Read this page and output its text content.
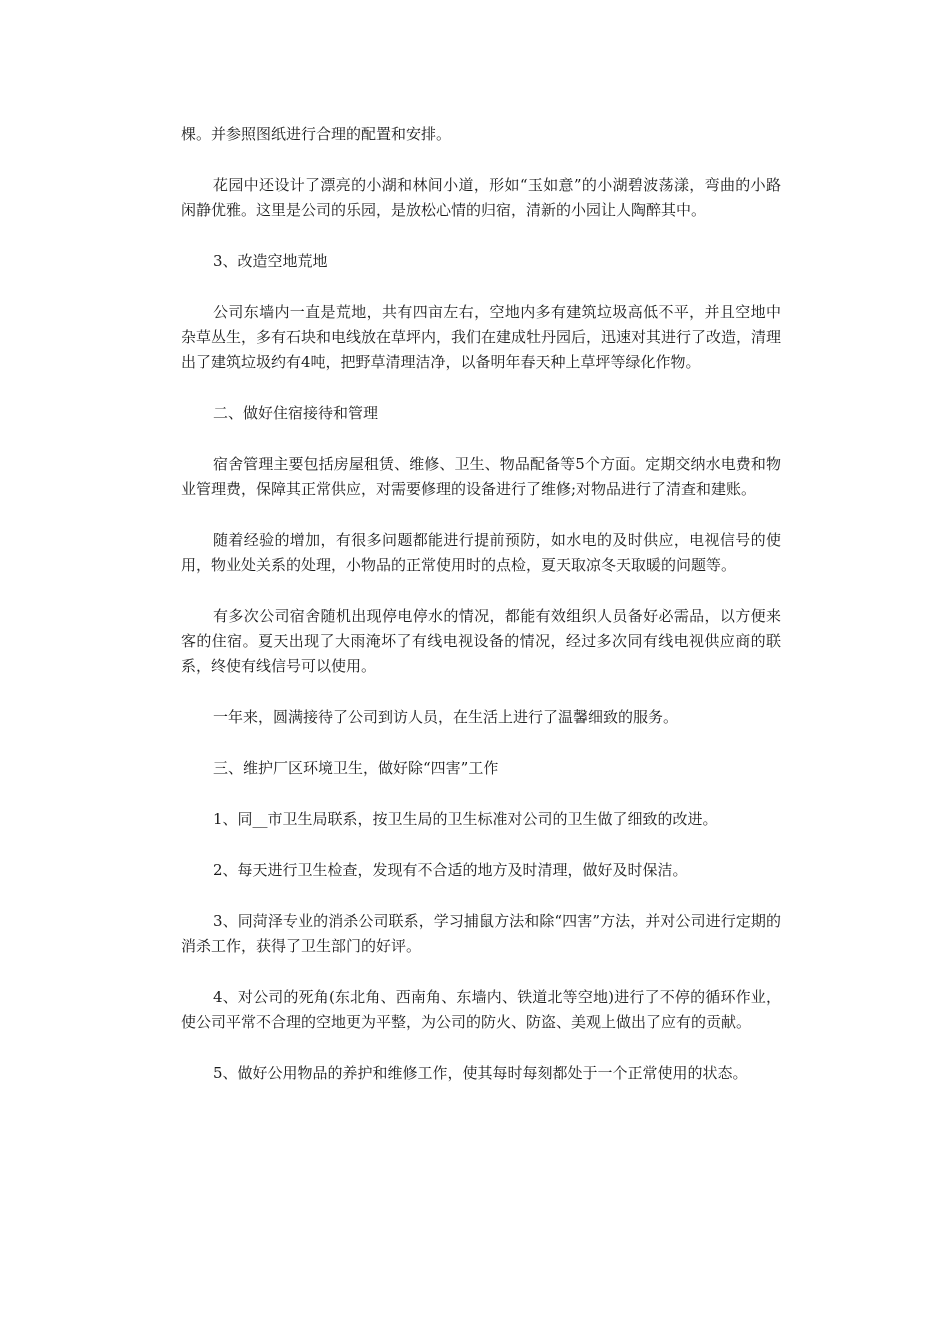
棵。并参照图纸进行合理的配置和安排。

花园中还设计了漂亮的小湖和林间小道，形如“玉如意”的小湖碧波荡漾，弯曲的小路闲静优雅。这里是公司的乐园，是放松心情的归宿，清新的小园让人陶醉其中。

3、改造空地荒地

公司东墙内一直是荒地，共有四亩左右，空地内多有建筑垃圾高低不平，并且空地中杂草丛生，多有石块和电线放在草坪内，我们在建成牡丹园后，迅速对其进行了改造，清理出了建筑垃圾约有4吨，把野草清理洁净，以备明年春天种上草坪等绿化作物。

二、做好住宿接待和管理

宿舍管理主要包括房屋租赁、维修、卫生、物品配备等5个方面。定期交纳水电费和物业管理费，保障其正常供应，对需要修理的设备进行了维修;对物品进行了清查和建账。

随着经验的增加，有很多问题都能进行提前预防，如水电的及时供应，电视信号的使用，物业处关系的处理，小物品的正常使用时的点检，夏天取凉冬天取暖的问题等。

有多次公司宿舍随机出现停电停水的情况，都能有效组织人员备好必需品，以方便来客的住宿。夏天出现了大雨淹坏了有线电视设备的情况，经过多次同有线电视供应商的联系，终使有线信号可以使用。

一年来，圆满接待了公司到访人员，在生活上进行了温馨细致的服务。

三、维护厂区环境卫生，做好除“四害”工作

1、同__市卫生局联系，按卫生局的卫生标准对公司的卫生做了细致的改进。

2、每天进行卫生检查，发现有不合适的地方及时清理，做好及时保洁。

3、同菏泽专业的消杀公司联系，学习捕鼠方法和除“四害”方法，并对公司进行定期的消杀工作，获得了卫生部门的好评。

4、对公司的死角(东北角、西南角、东墙内、铁道北等空地)进行了不停的循环作业，使公司平常不合理的空地更为平整，为公司的防火、防盗、美观上做出了应有的贡献。

5、做好公用物品的养护和维修工作，使其每时每刻都处于一个正常使用的状态。
